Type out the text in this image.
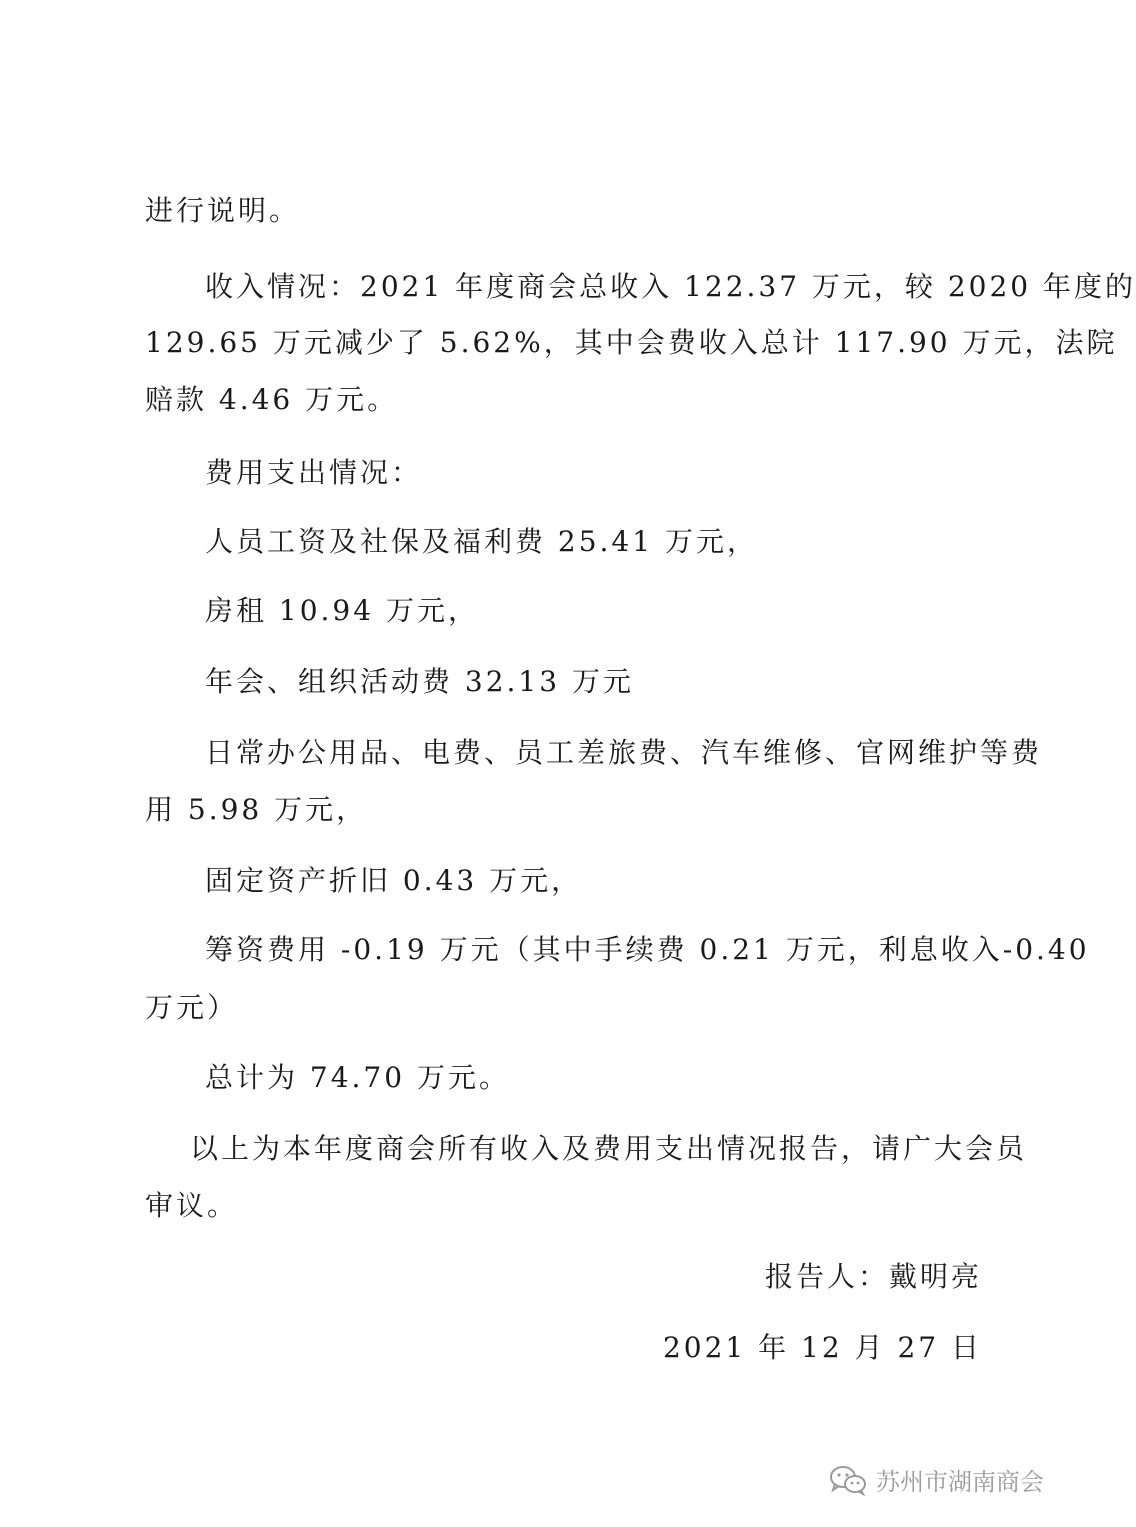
进行说明。
收入情况：2021 年度商会总收入 122.37 万元，较 2020 年度的
129.65 万元减少了 5.62%，其中会费收入总计 117.90 万元，法院
赔款 4.46 万元。
费用支出情况：
人员工资及社保及福利费 25.41 万元，
房租 10.94 万元，
年会、组织活动费 32.13 万元
日常办公用品、电费、员工差旅费、汽车维修、官网维护等费
用 5.98 万元，
固定资产折旧 0.43 万元，
筹资费用 -0.19 万元（其中手续费 0.21 万元，利息收入-0.40
万元）
总计为 74.70 万元。
以上为本年度商会所有收入及费用支出情况报告，请广大会员
审议。
报告人：戴明亮
2021 年 12 月 27 日
苏州市湖南商会
